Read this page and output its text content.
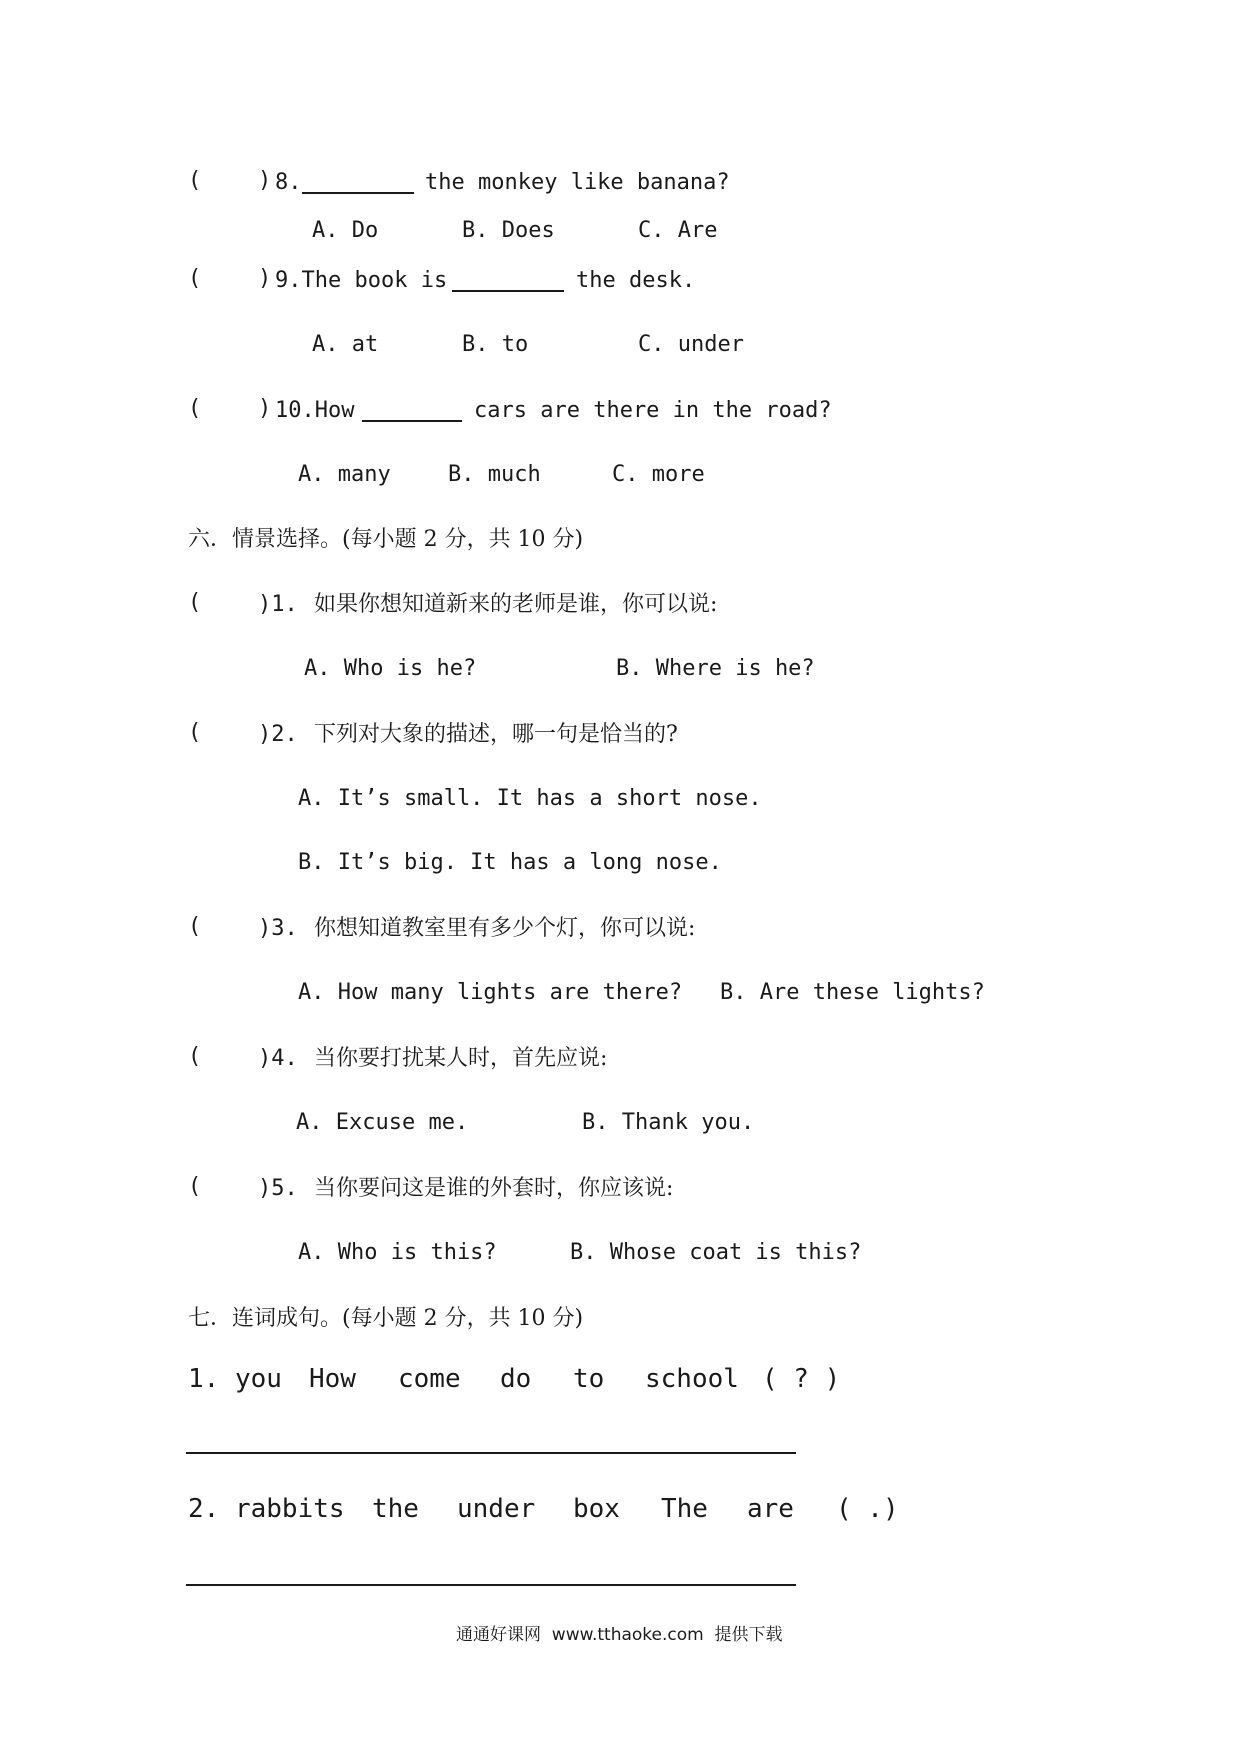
(	) 8.	the monkey like banana?
A. Do	B. Does	C. Are
(	) 9.The book is	the desk.
A. at	B. to	C. under
(	) 10.How	cars are there in the road?
A. many	B. much	C. more
六．情景选择。(每小题 2 分，共 10 分)
(	)1. 如果你想知道新来的老师是谁，你可以说:
A. Who is he?	B. Where is he?
(	)2. 下列对大象的描述，哪一句是恰当的?
A. It’s small. It has a short nose.
B. It’s big. It has a long nose.
(	)3. 你想知道教室里有多少个灯，你可以说:
A. How many lights are there? B. Are these lights?
(	)4. 当你要打扰某人时，首先应说:
A. Excuse me.	B. Thank you.
(	)5. 当你要问这是谁的外套时，你应该说:
A. Who is this?	B. Whose coat is this?
七．连词成句。(每小题 2 分，共 10 分)
1. you How come do to school ( ? )
2. rabbits the under box The are ( .)
通通好课网  www.tthaoke.com  提供下载
